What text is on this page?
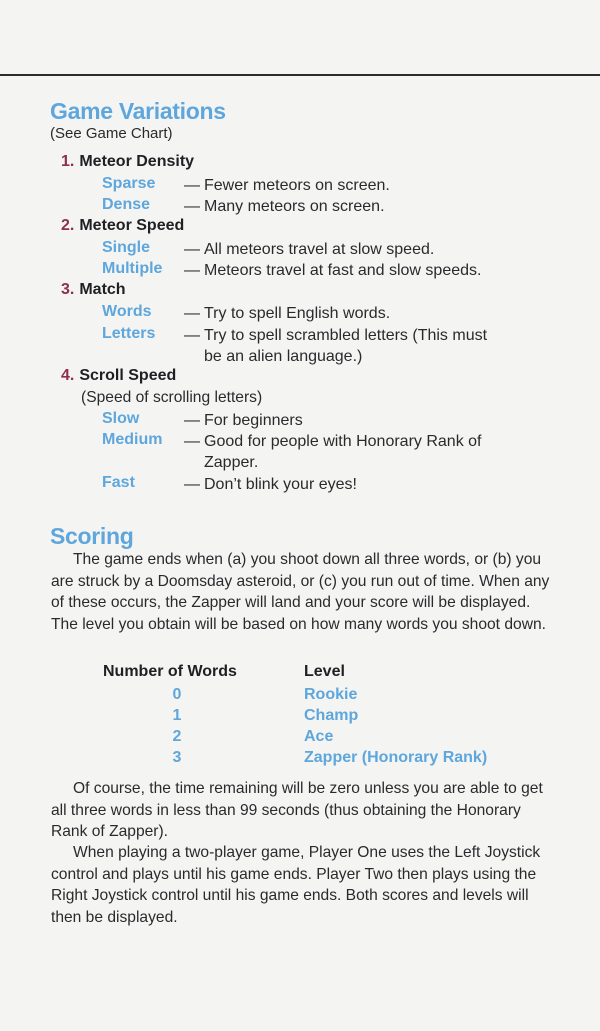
Game Variations
(See Game Chart)
1. Meteor Density
Sparse — Fewer meteors on screen.
Dense — Many meteors on screen.
2. Meteor Speed
Single — All meteors travel at slow speed.
Multiple — Meteors travel at fast and slow speeds.
3. Match
Words — Try to spell English words.
Letters — Try to spell scrambled letters (This must
be an alien language.)
4. Scroll Speed
(Speed of scrolling letters)
Slow	— For beginners
Medium — Good for people with Honorary Rank of
Zapper.
Fast	— Don’t blink your eyes!
Scoring
The game ends when (a) you shoot down all three words, or (b) you are struck by a Doomsday asteroid, or (c) you run out of time. When any of these occurs, the Zapper will land and your score will be displayed. The level you obtain will be based on how many words you shoot down.
Number of Words	Level
0	Rookie
1	Champ
2	Ace
3	Zapper (Honorary Rank)
Of course, the time remaining will be zero unless you are able to get all three words in less than 99 seconds (thus obtaining the Honorary Rank of Zapper).
When playing a two-player game, Player One uses the Left Joystick control and plays until his game ends. Player Two then plays using the Right Joystick control until his game ends. Both scores and levels will then be displayed.
